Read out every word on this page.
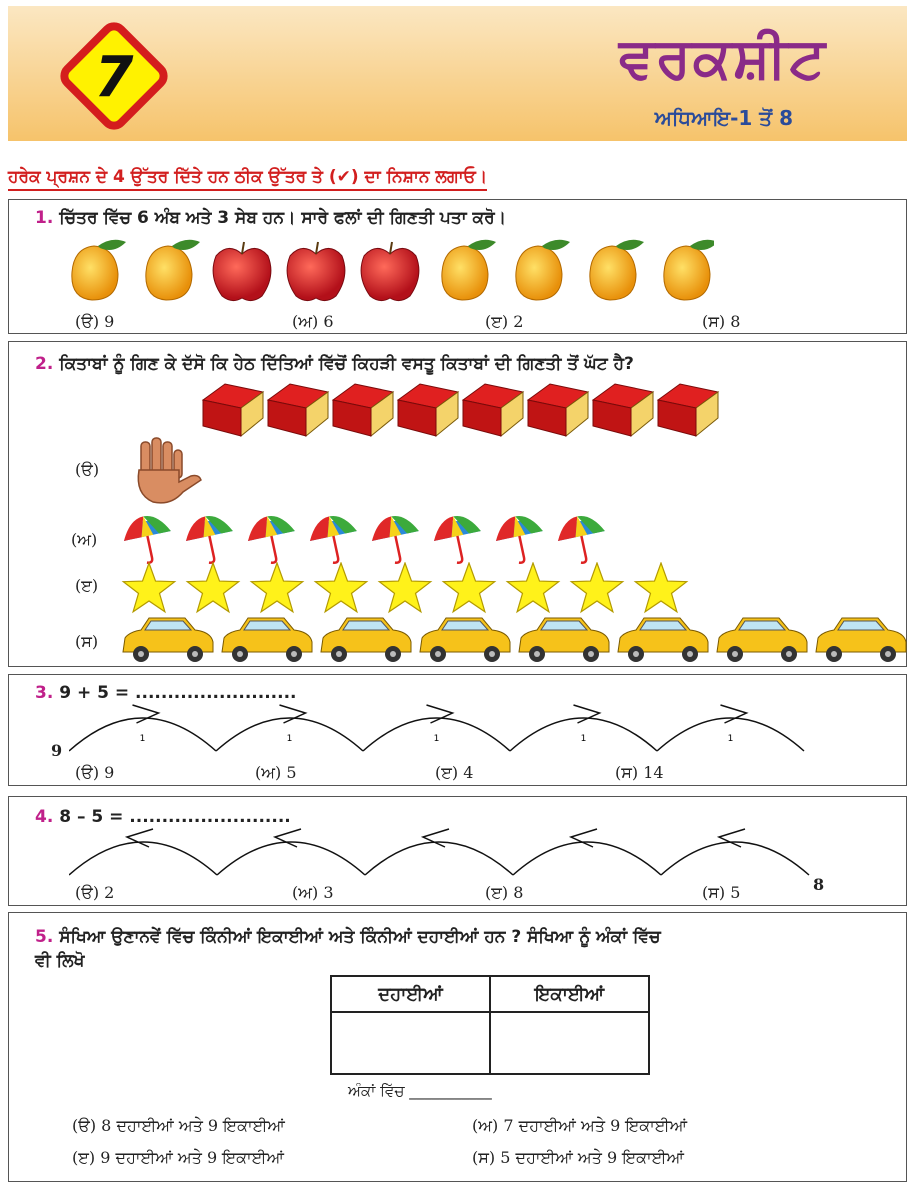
7	ਵਰਕਸ਼ੀਟ
ਅਧਿਆਇ-1 ਤੋਂ 8
ਹਰੇਕ ਪ੍ਰਸ਼ਨ ਦੇ 4 ਉੱਤਰ ਦਿੱਤੇ ਹਨ ਠੀਕ ਉੱਤਰ ਤੇ (✔) ਦਾ ਨਿਸ਼ਾਨ ਲਗਾਓ।
1. ਚਿੱਤਰ ਵਿੱਚ 6 ਅੰਬ ਅਤੇ 3 ਸੇਬ ਹਨ। ਸਾਰੇ ਫਲਾਂ ਦੀ ਗਿਣਤੀ ਪਤਾ ਕਰੋ।
(ੳ) 9	(ਅ) 6	(ੲ) 2	(ਸ) 8
2. ਕਿਤਾਬਾਂ ਨੂੰ ਗਿਣ ਕੇ ਦੱਸੋ ਕਿ ਹੇਠ ਦਿੱਤਿਆਂ ਵਿੱਚੋਂ ਕਿਹੜੀ ਵਸਤੂ ਕਿਤਾਬਾਂ ਦੀ ਗਿਣਤੀ ਤੋਂ ਘੱਟ ਹੈ?
(ੳ)
(ਅ)
(ੲ)
(ਸ)
3. 9 + 5 = .........................
9
1	1	1	1	1
(ੳ) 9	(ਅ) 5	(ੲ) 4	(ਸ) 14
4. 8 – 5 = .........................
8
(ੳ) 2	(ਅ) 3	(ੲ) 8	(ਸ) 5
5. ਸੰਖਿਆ ਉਣਾਨਵੇਂ ਵਿੱਚ ਕਿੰਨੀਆਂ ਇਕਾਈਆਂ ਅਤੇ ਕਿੰਨੀਆਂ ਦਹਾਈਆਂ ਹਨ ? ਸੰਖਿਆ ਨੂੰ ਅੰਕਾਂ ਵਿੱਚ
ਵੀ ਲਿਖੋ
ਦਹਾਈਆਂ	ਇਕਾਈਆਂ

ਅੰਕਾਂ ਵਿੱਚ ___________
(ੳ) 8 ਦਹਾਈਆਂ ਅਤੇ 9 ਇਕਾਈਆਂ	(ਅ) 7 ਦਹਾਈਆਂ ਅਤੇ 9 ਇਕਾਈਆਂ
(ੲ) 9 ਦਹਾਈਆਂ ਅਤੇ 9 ਇਕਾਈਆਂ	(ਸ) 5 ਦਹਾਈਆਂ ਅਤੇ 9 ਇਕਾਈਆਂ
